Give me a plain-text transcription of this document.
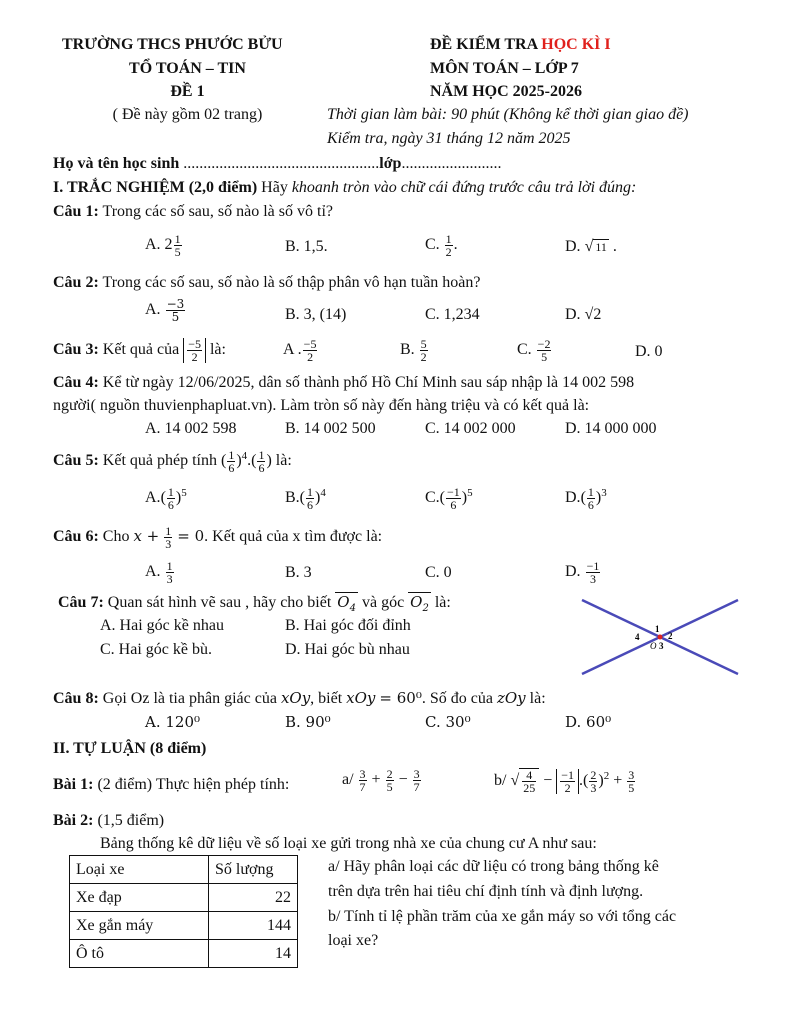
TRƯỜNG THCS PHƯỚC BỬU
TỔ TOÁN – TIN
ĐỀ 1
( Đề này gồm 02 trang)
ĐỀ KIỂM TRA HỌC KÌ I
MÔN TOÁN – LỚP 7
NĂM HỌC 2025-2026
Thời gian làm bài: 90 phút (Không kể thời gian giao đề)
Kiểm tra, ngày 31 tháng 12 năm 2025
Họ và tên học sinh .................................................lớp.........................
I. TRẮC NGHIỆM (2,0 điểm) Hãy khoanh tròn vào chữ cái đứng trước câu trả lời đúng:
Câu 1: Trong các số sau, số nào là số vô tỉ?
A. $2 \frac{1}{5}$	B. 1,5.	C. $\frac{1}{2}$ .	D. √ 11 .
Câu 2: Trong các số sau, số nào là số thập phân vô hạn tuần hoàn?
A. $\frac{-3}{5}$	B. 3, (14)	C. 1,234	D. √2
Câu 3: Kết quả của $\frac{-5}{2}$ là:	A . $\frac{-5}{2}$	B. $\frac{5}{2}$	C. $\frac{-2}{5}$	D. 0
Câu 4: Kể từ ngày 12/06/2025, dân số thành phố Hồ Chí Minh sau sáp nhập là 14 002 598
người( nguồn thuvienphapluat.vn). Làm tròn số này đến hàng triệu và có kết quả là:
A. 14 002 598	B. 14 002 500	C. 14 002 000	D. 14 000 000
Câu 5: Kết quả phép tính ( $\frac{1}{6} )^4.( \frac{1}{6}$ ) là:
$A.( \frac{1}{6} )^5$	$B.( \frac{1}{6} )^4$	$C.( \frac{-1}{6} )^5$	$D.( \frac{1}{6} )^3$
Câu 6: Cho $x + \frac{1}{3} = 0$. Kết quả của x tìm được là:
A. $\frac{1}{3}$	B. 3	C. 0	D. $\frac{-1}{3}$
Câu 7: Quan sát hình vẽ sau , hãy cho biết $O_4$ và góc $O_2$ là:
A. Hai góc kề nhau	B. Hai góc đối đỉnh
C. Hai góc kề bù.	D. Hai góc bù nhau
1
2
3
4
O
Câu 8: Gọi Oz là tia phân giác của xOy, biết xOy = 60⁰. Số đo của zOy là:
A. 120⁰	B. 90⁰	C. 30⁰	D. 60⁰
II. TỰ LUẬN (8 điểm)
Bài 1: (2 điểm) Thực hiện phép tính:	$a/ \frac{3}{7} + \frac{2}{5} - \frac{3}{7}$	b/ √ $\frac{4}{25} - \frac{-1}{2}$ .( $\frac{2}{3} )^2 + \frac{3}{5}$
Bài 2: (1,5 điểm)
Bảng thống kê dữ liệu về số loại xe gửi trong nhà xe của chung cư A như sau:
Loại xe	Số lượng
Xe đạp	22
Xe gắn máy	144
Ô tô	14
a/ Hãy phân loại các dữ liệu có trong bảng thống kê
trên dựa trên hai tiêu chí định tính và định lượng.
b/ Tính tỉ lệ phần trăm của xe gắn máy so với tổng các
loại xe?
